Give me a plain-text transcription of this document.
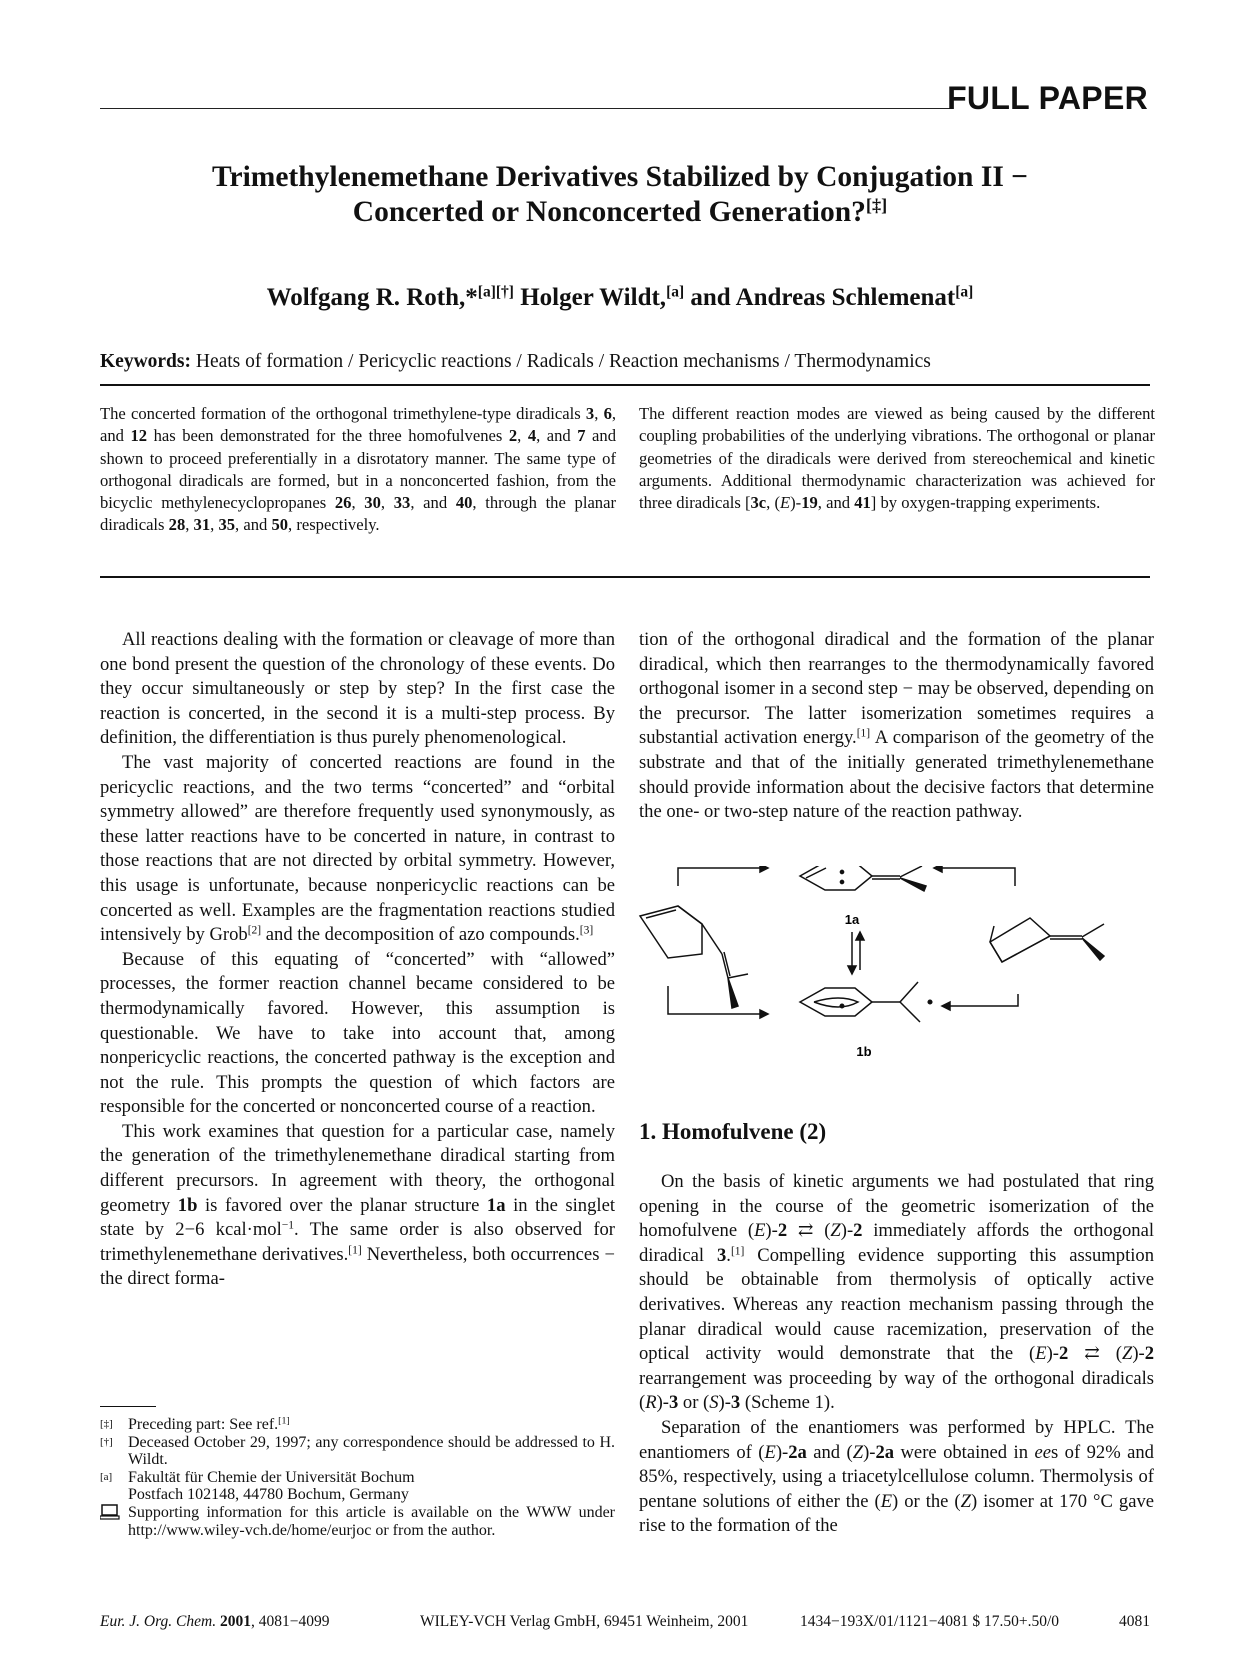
FULL PAPER
Trimethylenemethane Derivatives Stabilized by Conjugation II −
Concerted or Nonconcerted Generation?[‡]
Wolfgang R. Roth,*[a][†] Holger Wildt,[a] and Andreas Schlemenat[a]
Keywords: Heats of formation / Pericyclic reactions / Radicals / Reaction mechanisms / Thermodynamics
The concerted formation of the orthogonal trimethylene-type diradicals 3, 6, and 12 has been demonstrated for the three homofulvenes 2, 4, and 7 and shown to proceed preferentially in a disrotatory manner. The same type of orthogonal diradicals are formed, but in a nonconcerted fashion, from the bicyclic methylenecyclopropanes 26, 30, 33, and 40, through the planar diradicals 28, 31, 35, and 50, respectively.
The different reaction modes are viewed as being caused by the different coupling probabilities of the underlying vibrations. The orthogonal or planar geometries of the diradicals were derived from stereochemical and kinetic arguments. Additional thermodynamic characterization was achieved for three diradicals [3c, (E)-19, and 41] by oxygen-trapping experiments.

All reactions dealing with the formation or cleavage of more than one bond present the question of the chronology of these events. Do they occur simultaneously or step by step? In the first case the reaction is concerted, in the second it is a multi-step process. By definition, the differentiation is thus purely phenomenological.

The vast majority of concerted reactions are found in the pericyclic reactions, and the two terms “concerted” and “orbital symmetry allowed” are therefore frequently used synonymously, as these latter reactions have to be concerted in nature, in contrast to those reactions that are not directed by orbital symmetry. However, this usage is unfortunate, because nonpericyclic reactions can be concerted as well. Examples are the fragmentation reactions studied intensively by Grob[2] and the decomposition of azo compounds.[3]

Because of this equating of “concerted” with “allowed” processes, the former reaction channel became considered to be thermodynamically favored. However, this assumption is questionable. We have to take into account that, among nonpericyclic reactions, the concerted pathway is the exception and not the rule. This prompts the question of which factors are responsible for the concerted or nonconcerted course of a reaction.

This work examines that question for a particular case, namely the generation of the trimethylenemethane diradical starting from different precursors. In agreement with theory, the orthogonal geometry 1b is favored over the planar structure 1a in the singlet state by 2−6 kcal·mol$^{-1}$. The same order is also observed for trimethylenemethane derivatives.[1] Nevertheless, both occurrences − the direct forma-

tion of the orthogonal diradical and the formation of the planar diradical, which then rearranges to the thermodynamically favored orthogonal isomer in a second step − may be observed, depending on the precursor. The latter isomerization sometimes requires a substantial activation energy.[1] A comparison of the geometry of the substrate and that of the initially generated trimethylenemethane should provide information about the decisive factors that determine the one- or two-step nature of the reaction pathway.

1a
1b
1. Homofulvene (2)

On the basis of kinetic arguments we had postulated that ring opening in the course of the geometric isomerization of the homofulvene (E)-2 ⇄ (Z)-2 immediately affords the orthogonal diradical 3.[1] Compelling evidence supporting this assumption should be obtainable from thermolysis of optically active derivatives. Whereas any reaction mechanism passing through the planar diradical would cause racemization, preservation of the optical activity would demonstrate that the (E)-2 ⇄ (Z)-2 rearrangement was proceeding by way of the orthogonal diradicals (R)-3 or (S)-3 (Scheme 1).

Separation of the enantiomers was performed by HPLC. The enantiomers of (E)-2a and (Z)-2a were obtained in ees of 92% and 85%, respectively, using a triacetylcellulose column. Thermolysis of pentane solutions of either the (E) or the (Z) isomer at 170 °C gave rise to the formation of the

[‡] Preceding part: See ref.[1]
[†] Deceased October 29, 1997; any correspondence should be addressed to H. Wildt.
[a] Fakultät für Chemie der Universität Bochum
Postfach 102148, 44780 Bochum, Germany
Supporting information for this article is available on the WWW under http://www.wiley-vch.de/home/eurjoc or from the author.
Eur. J. Org. Chem. 2001, 4081−4099	WILEY-VCH Verlag GmbH, 69451 Weinheim, 2001	1434−193X/01/1121−4081 $ 17.50+.50/0	4081
